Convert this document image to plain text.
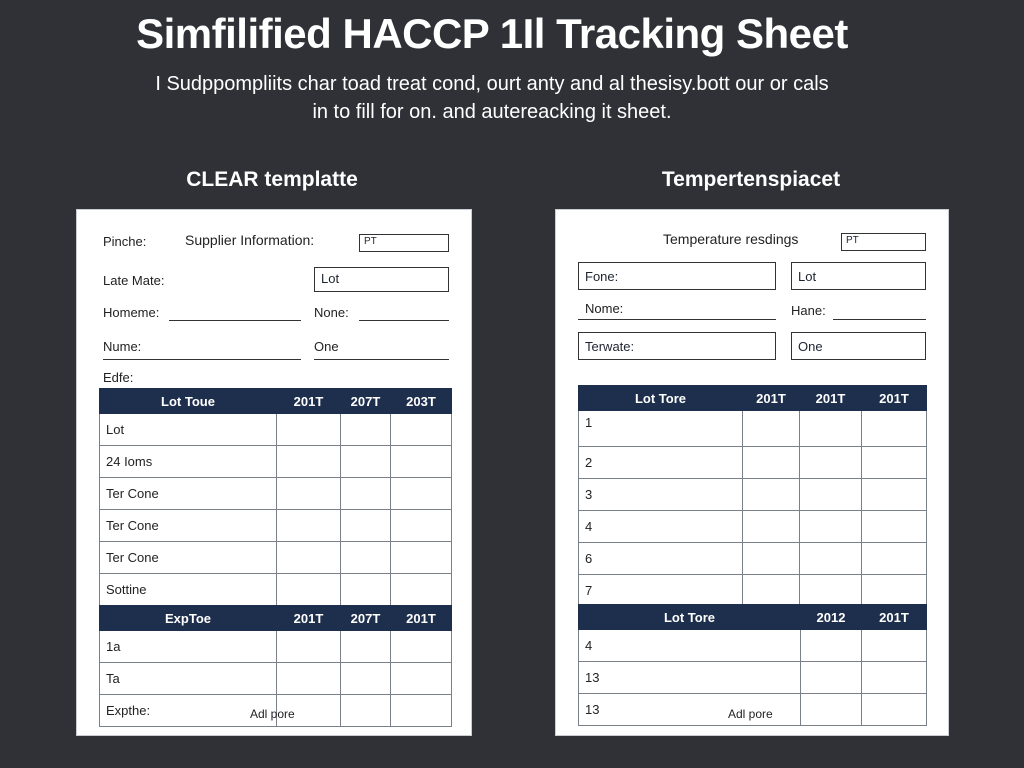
Simfilified HACCP 1Il Tracking Sheet
I Sudppompliits char toad treat cond, ourt anty and al thesisy.bott our or cals
in to fill for on. and autereacking it sheet.
CLEAR templatte	Tempertenspiacet
Pinche:	Supplier Information:	PT
Late Mate:	Lot
Homeme:	None:
Nume:	One
Edfe:
Lot Toue	201T	207T	203T
Lot			
24 Ioms			
Ter Cone			
Ter Cone			
Ter Cone			
Sottine			
ExpToe	201T	207T	201T
1a			
Ta			
Expthe:				Adl pore
Temperature resdings	PT
Fone:	Lot
Nome:	Hane:
Terwate:	One
Lot Tore	201T	201T	201T
1			
2			
3			
4			
6			
7			
Lot Tore	2012	201T
4		
13		
13			Adl pore
